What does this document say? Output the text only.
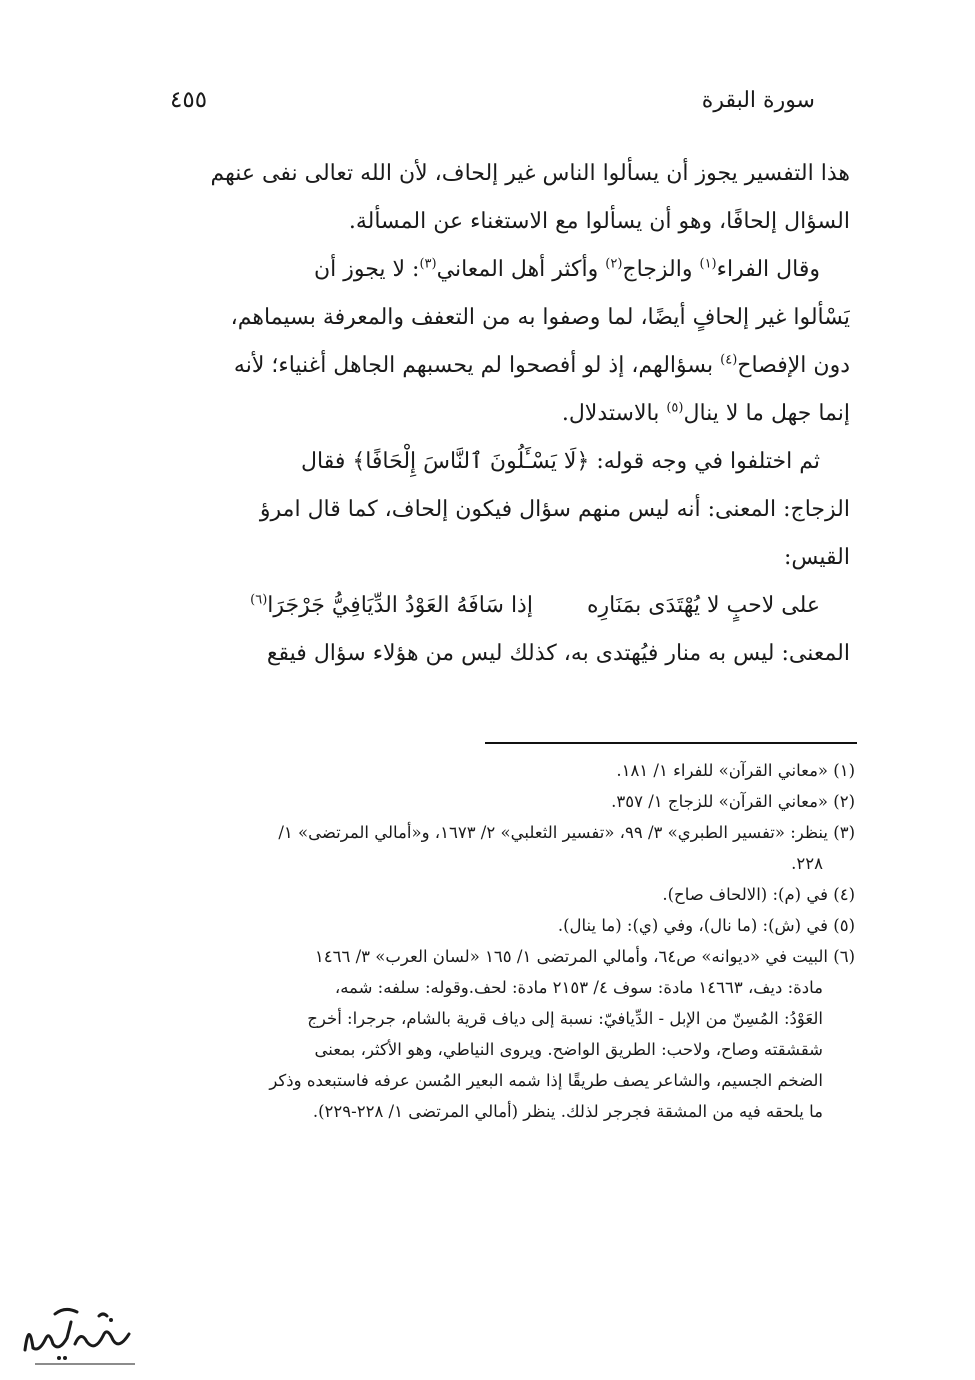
سورة البقرة
٤٥٥
هذا التفسير يجوز أن يسألوا الناس غير إلحاف، لأن الله تعالى نفى عنهم
السؤال إلحافًا، وهو أن يسألوا مع الاستغناء عن المسألة.
وقال الفراء$^{(١)}$ والزجاج$^{(٢)}$ وأكثر أهل المعاني$^{(٣)}$: لا يجوز أن
يَسْألوا غير إلحافٍ أيضًا، لما وصفوا به من التعفف والمعرفة بسيماهم،
دون الإفصاح$^{(٤)}$ بسؤالهم، إذ لو أفصحوا لم يحسبهم الجاهل أغنياء؛ لأنه
إنما جهل ما لا ينال$^{(٥)}$ بالاستدلال.
ثم اختلفوا في وجه قوله: ﴿لَا يَسْـَٔلُونَ ٱلنَّاسَ إِلْحَافًا﴾ فقال
الزجاج: المعنى: أنه ليس منهم سؤال فيكون إلحاف، كما قال امرؤ
القيس:
على لاحبٍ لا يُهْتَدَى بمَنَارِه  إذا سَافَهُ العَوْدُ الدِّيَافِيُّ جَرْجَرَا$^{(٦)}$
المعنى: ليس به منار فيُهتدى به، كذلك ليس من هؤلاء سؤال فيقع
(١) «معاني القرآن» للفراء ١/ ١٨١.
(٢) «معاني القرآن» للزجاج ١/ ٣٥٧.
(٣) ينظر: «تفسير الطبري» ٣/ ٩٩، «تفسير الثعلبي» ٢/ ١٦٧٣، و«أمالي المرتضى» ١/
٢٢٨.
(٤) في (م): (الالحاف صاح).
(٥) في (ش): (ما نال)، وفي (ي): (ما ينال).
(٦) البيت في «ديوانه» ص٦٤، وأمالي المرتضى ١/ ١٦٥ «لسان العرب» ٣/ ١٤٦٦
مادة: ديف، ١٤٦٦٣ مادة: سوف ٤/ ٢١٥٣ مادة: لحف.وقوله: سلفه: شمه،
العَوْدُ: المُسِنّ من الإبل - الدِّيافيّ: نسبة إلى دياف قرية بالشام، جرجرا: أخرج
شقشقته وصاح، ولاحب: الطريق الواضح. ويروى النياطي، وهو الأكثر، بمعنى
الضخم الجسيم، والشاعر يصف طريقًا إذا شمه البعير المُسن عرفه فاستبعده وذكر
ما يلحقه فيه من المشقة فجرجر لذلك. ينظر (أمالي المرتضى ١/ ٢٢٨-٢٢٩).
